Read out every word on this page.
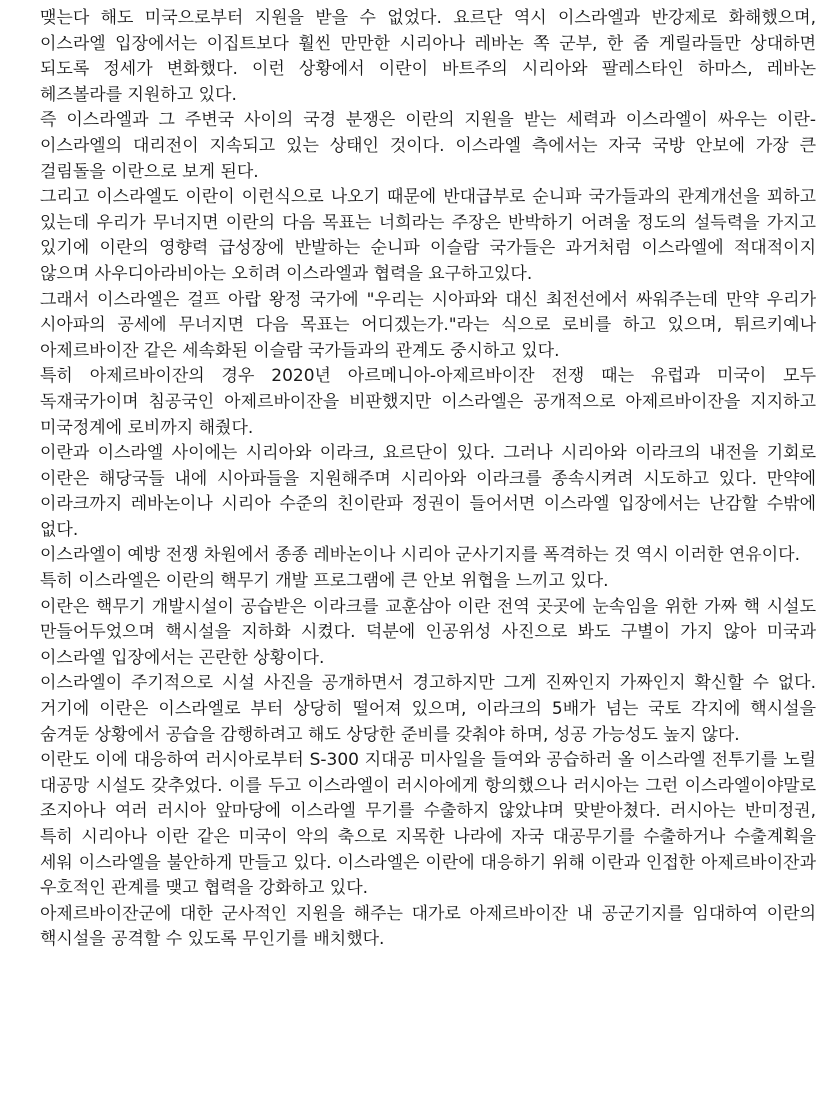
맺는다 해도 미국으로부터 지원을 받을 수 없었다. 요르단 역시 이스라엘과 반강제로 화해했으며, 이스라엘 입장에서는 이집트보다 훨씬 만만한 시리아나 레바논 쪽 군부, 한 줌 게릴라들만 상대하면 되도록 정세가 변화했다. 이런 상황에서 이란이 바트주의 시리아와 팔레스타인 하마스, 레바논 헤즈볼라를 지원하고 있다.

즉 이스라엘과 그 주변국 사이의 국경 분쟁은 이란의 지원을 받는 세력과 이스라엘이 싸우는 이란-이스라엘의 대리전이 지속되고 있는 상태인 것이다. 이스라엘 측에서는 자국 국방 안보에 가장 큰 걸림돌을 이란으로 보게 된다.

그리고 이스라엘도 이란이 이런식으로 나오기 때문에 반대급부로 순니파 국가들과의 관계개선을 꾀하고 있는데 우리가 무너지면 이란의 다음 목표는 너희라는 주장은 반박하기 어려울 정도의 설득력을 가지고 있기에 이란의 영향력 급성장에 반발하는 순니파 이슬람 국가들은 과거처럼 이스라엘에 적대적이지 않으며 사우디아라비아는 오히려 이스라엘과 협력을 요구하고있다.

그래서 이스라엘은 걸프 아랍 왕정 국가에 "우리는 시아파와 대신 최전선에서 싸워주는데 만약 우리가 시아파의 공세에 무너지면 다음 목표는 어디겠는가."라는 식으로 로비를 하고 있으며, 튀르키예나 아제르바이잔 같은 세속화된 이슬람 국가들과의 관계도 중시하고 있다.

특히 아제르바이잔의 경우 2020년 아르메니아-아제르바이잔 전쟁 때는 유럽과 미국이 모두 독재국가이며 침공국인 아제르바이잔을 비판했지만 이스라엘은 공개적으로 아제르바이잔을 지지하고 미국정계에 로비까지 해줬다.

이란과 이스라엘 사이에는 시리아와 이라크, 요르단이 있다. 그러나 시리아와 이라크의 내전을 기회로 이란은 해당국들 내에 시아파들을 지원해주며 시리아와 이라크를 종속시켜려 시도하고 있다. 만약에 이라크까지 레바논이나 시리아 수준의 친이란파 정권이 들어서면 이스라엘 입장에서는 난감할 수밖에 없다.

이스라엘이 예방 전쟁 차원에서 종종 레바논이나 시리아 군사기지를 폭격하는 것 역시 이러한 연유이다.

특히 이스라엘은 이란의 핵무기 개발 프로그램에 큰 안보 위협을 느끼고 있다.

이란은 핵무기 개발시설이 공습받은 이라크를 교훈삼아 이란 전역 곳곳에 눈속임을 위한 가짜 핵 시설도 만들어두었으며 핵시설을 지하화 시켰다. 덕분에 인공위성 사진으로 봐도 구별이 가지 않아 미국과 이스라엘 입장에서는 곤란한 상황이다.

이스라엘이 주기적으로 시설 사진을 공개하면서 경고하지만 그게 진짜인지 가짜인지 확신할 수 없다. 거기에 이란은 이스라엘로 부터 상당히 떨어져 있으며, 이라크의 5배가 넘는 국토 각지에 핵시설을 숨겨둔 상황에서 공습을 감행하려고 해도 상당한 준비를 갖춰야 하며, 성공 가능성도 높지 않다.

이란도 이에 대응하여 러시아로부터 S-300 지대공 미사일을 들여와 공습하러 올 이스라엘 전투기를 노릴 대공망 시설도 갖추었다. 이를 두고 이스라엘이 러시아에게 항의했으나 러시아는 그런 이스라엘이야말로 조지아나 여러 러시아 앞마당에 이스라엘 무기를 수출하지 않았냐며 맞받아쳤다. 러시아는 반미정권, 특히 시리아나 이란 같은 미국이 악의 축으로 지목한 나라에 자국 대공무기를 수출하거나 수출계획을 세워 이스라엘을 불안하게 만들고 있다. 이스라엘은 이란에 대응하기 위해 이란과 인접한 아제르바이잔과 우호적인 관계를 맺고 협력을 강화하고 있다.

아제르바이잔군에 대한 군사적인 지원을 해주는 대가로 아제르바이잔 내 공군기지를 임대하여 이란의 핵시설을 공격할 수 있도록 무인기를 배치했다.
